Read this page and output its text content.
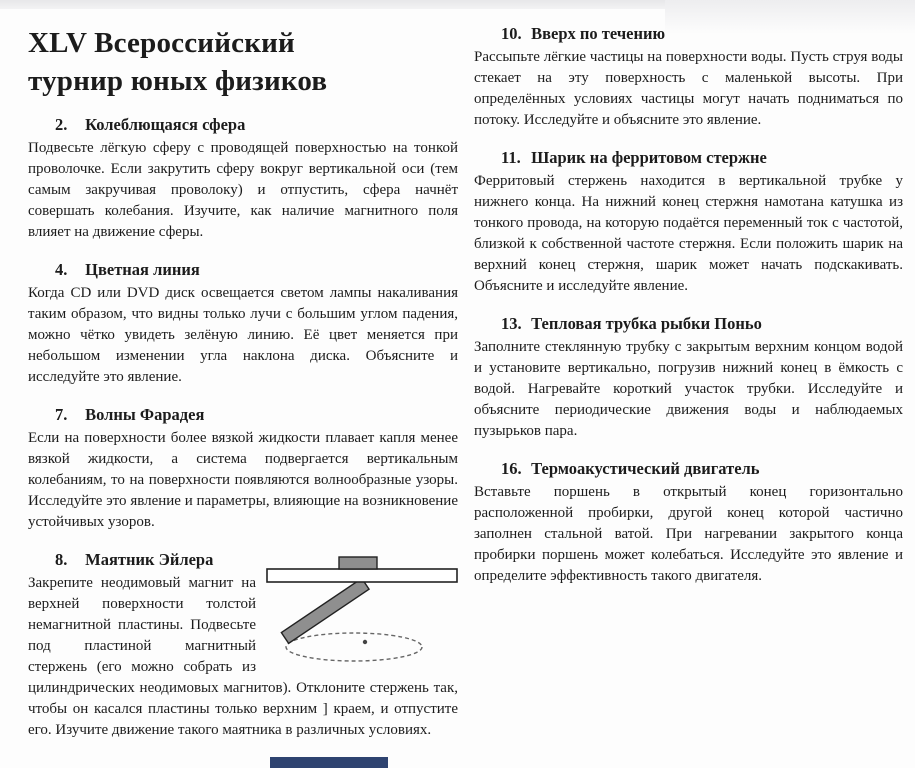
XLV Всероссийский
турнир юных физиков
2. Колеблющаяся сфера

Подвесьте лёгкую сферу с проводящей поверхностью на тонкой проволочке. Если закрутить сферу вокруг вертикальной оси (тем самым закручивая проволоку) и отпустить, сфера начнёт совершать колебания. Изучите, как наличие магнитного поля влияет на движение сферы.

4. Цветная линия

Когда CD или DVD диск освещается светом лампы накаливания таким образом, что видны только лучи с большим углом падения, можно чётко увидеть зелёную линию. Её цвет меняется при небольшом изменении угла наклона диска. Объясните и исследуйте это явление.

7. Волны Фарадея

Если на поверхности более вязкой жидкости плавает капля менее вязкой жидкости, а система подвергается вертикальным колебаниям, то на поверхности появляются волнообразные узоры. Исследуйте это явление и параметры, влияющие на возникновение устойчивых узоров.

8. Маятник Эйлера

Закрепите неодимовый магнит на верхней поверхности толстой немагнитной пластины. Подвесьте под пластиной магнитный стержень (его можно собрать из цилиндрических неодимовых магнитов). Отклоните стержень так, чтобы он касался пластины только верхним ] краем, и отпустите его. Изучите движение такого маятника в различных условиях.

10. Вверх по течению

Рассыпьте лёгкие частицы на поверхности воды. Пусть струя воды стекает на эту поверхность с маленькой высоты. При определённых условиях частицы могут начать подниматься по потоку. Исследуйте и объясните это явление.

11. Шарик на ферритовом стержне

Ферритовый стержень находится в вертикальной трубке у нижнего конца. На нижний конец стержня намотана катушка из тонкого провода, на которую подаётся переменный ток с частотой, близкой к собственной частоте стержня. Если положить шарик на верхний конец стержня, шарик может начать подскакивать. Объясните и исследуйте явление.

13. Тепловая трубка рыбки Поньо

Заполните стеклянную трубку с закрытым верхним концом водой и установите вертикально, погрузив нижний конец в ёмкость с водой. Нагревайте короткий участок трубки. Исследуйте и объясните периодические движения воды и наблюдаемых пузырьков пара.

16. Термоакустический двигатель

Вставьте поршень в открытый конец горизонтально расположенной пробирки, другой конец которой частично заполнен стальной ватой. При нагревании закрытого конца пробирки поршень может колебаться. Исследуйте это явление и определите эффективность такого двигателя.
